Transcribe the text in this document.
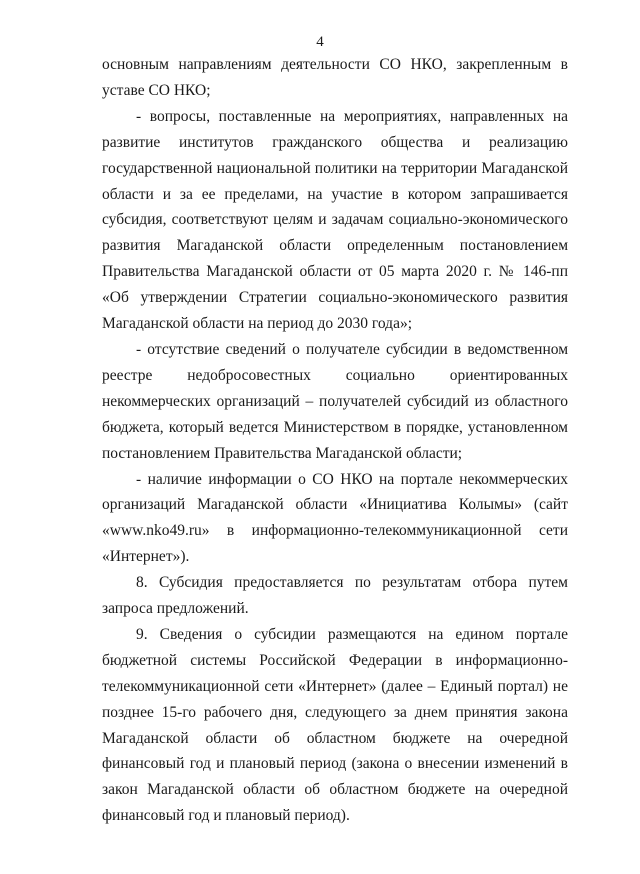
4

основным направлениям деятельности СО НКО, закрепленным в уставе СО НКО;

- вопросы, поставленные на мероприятиях, направленных на развитие институтов гражданского общества и реализацию государственной национальной политики на территории Магаданской области и за ее пределами, на участие в котором запрашивается субсидия, соответствуют целям и задачам социально-экономического развития Магаданской области определенным постановлением Правительства Магаданской области от 05 марта 2020 г. № 146-пп «Об утверждении Стратегии социально-экономического развития Магаданской области на период до 2030 года»;

- отсутствие сведений о получателе субсидии в ведомственном реестре недобросовестных социально ориентированных некоммерческих организаций – получателей субсидий из областного бюджета, который ведется Министерством в порядке, установленном постановлением Правительства Магаданской области;

- наличие информации о СО НКО на портале некоммерческих организаций Магаданской области «Инициатива Колымы» (сайт «www.nko49.ru» в информационно-телекоммуникационной сети «Интернет»).

8. Субсидия предоставляется по результатам отбора путем запроса предложений.

9. Сведения о субсидии размещаются на едином портале бюджетной системы Российской Федерации в информационно-телекоммуникационной сети «Интернет» (далее – Единый портал) не позднее 15-го рабочего дня, следующего за днем принятия закона Магаданской области об областном бюджете на очередной финансовый год и плановый период (закона о внесении изменений в закон Магаданской области об областном бюджете на очередной финансовый год и плановый период).
